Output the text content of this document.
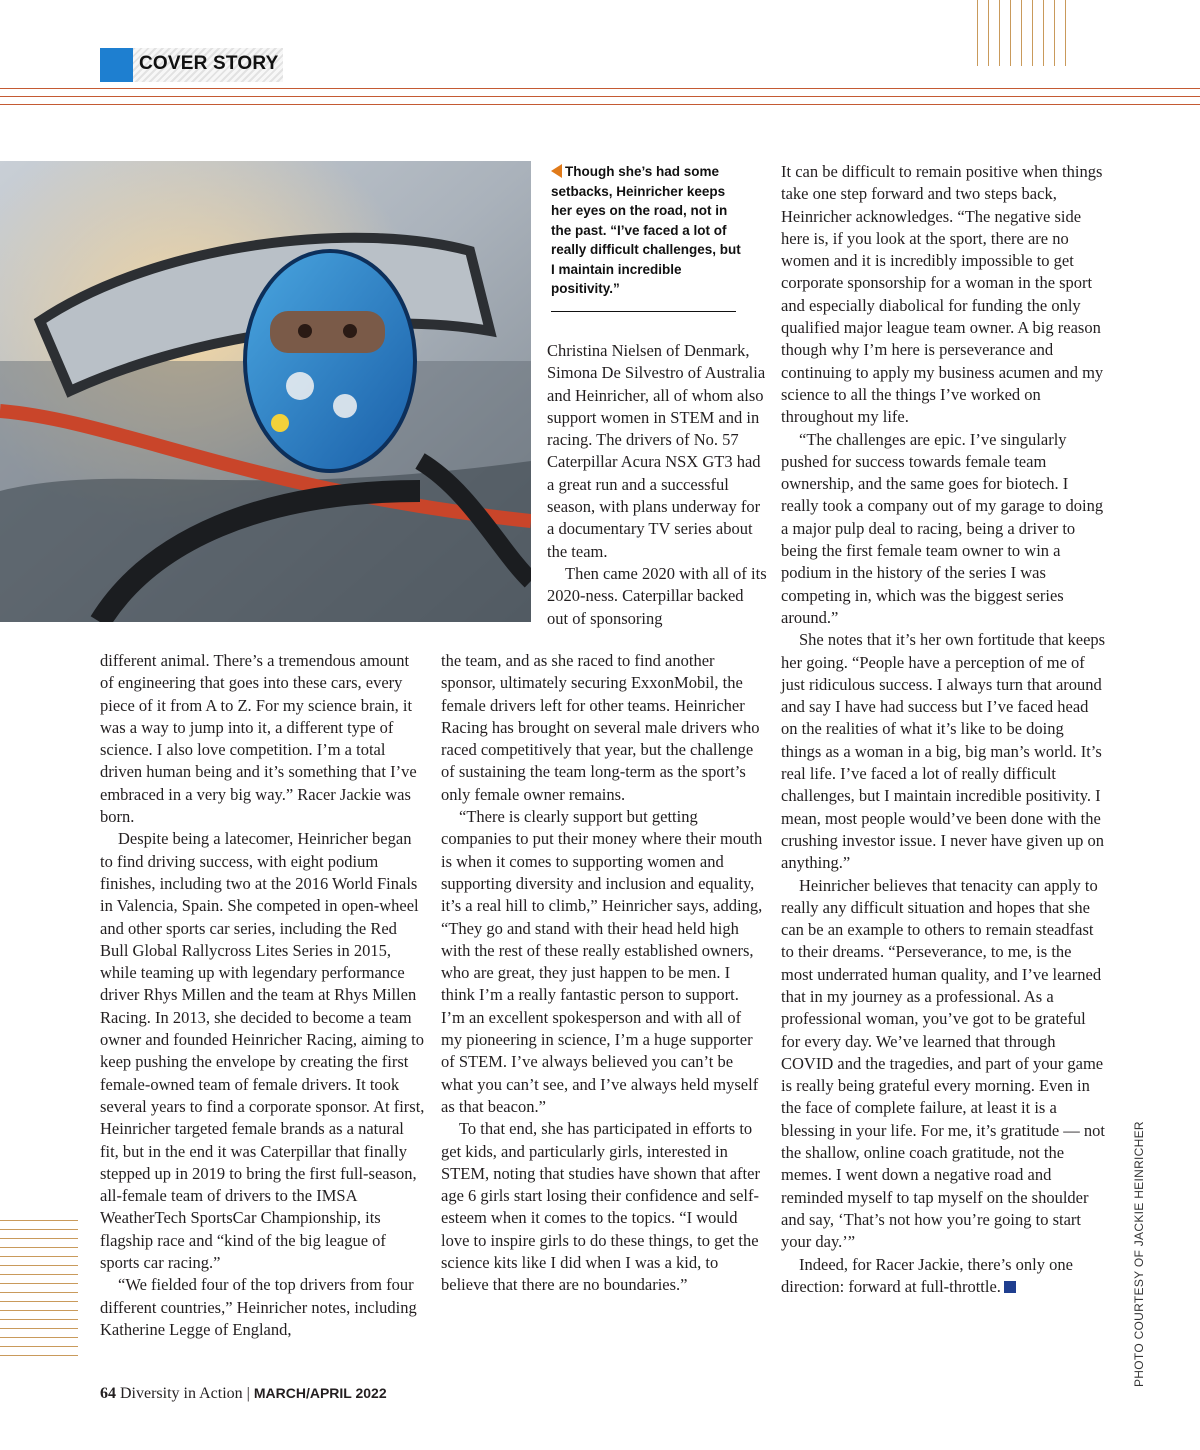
COVER STORY
Though she’s had some setbacks, Heinricher keeps her eyes on the road, not in the past. “I’ve faced a lot of really difficult challenges, but I maintain incredible positivity.”

Christina Nielsen of Denmark, Simona De Silvestro of Australia and Heinricher, all of whom also support women in STEM and in racing. The drivers of No. 57 Caterpillar Acura NSX GT3 had a great run and a successful season, with plans underway for a documentary TV series about the team.

Then came 2020 with all of its 2020-ness. Caterpillar backed out of sponsoring

different animal. There’s a tremendous amount of engineering that goes into these cars, every piece of it from A to Z. For my science brain, it was a way to jump into it, a different type of science. I also love competition. I’m a total driven human being and it’s something that I’ve embraced in a very big way.” Racer Jackie was born.

Despite being a latecomer, Heinricher began to find driving success, with eight podium finishes, including two at the 2016 World Finals in Valencia, Spain. She competed in open-wheel and other sports car series, including the Red Bull Global Rallycross Lites Series in 2015, while teaming up with legendary performance driver Rhys Millen and the team at Rhys Millen Racing. In 2013, she decided to become a team owner and founded Heinricher Racing, aiming to keep pushing the envelope by creating the first female-owned team of female drivers. It took several years to find a corporate sponsor. At first, Heinricher targeted female brands as a natural fit, but in the end it was Caterpillar that finally stepped up in 2019 to bring the first full-season, all-female team of drivers to the IMSA WeatherTech SportsCar Championship, its flagship race and “kind of the big league of sports car racing.”

“We fielded four of the top drivers from four different countries,” Heinricher notes, including Katherine Legge of England,

the team, and as she raced to find another sponsor, ultimately securing ExxonMobil, the female drivers left for other teams. Heinricher Racing has brought on several male drivers who raced competitively that year, but the challenge of sustaining the team long-term as the sport’s only female owner remains.

“There is clearly support but getting companies to put their money where their mouth is when it comes to supporting women and supporting diversity and inclusion and equality, it’s a real hill to climb,” Heinricher says, adding, “They go and stand with their head held high with the rest of these really established owners, who are great, they just happen to be men. I think I’m a really fantastic person to support. I’m an excellent spokesperson and with all of my pioneering in science, I’m a huge supporter of STEM. I’ve always believed you can’t be what you can’t see, and I’ve always held myself as that beacon.”

To that end, she has participated in efforts to get kids, and particularly girls, interested in STEM, noting that studies have shown that after age 6 girls start losing their confidence and self-esteem when it comes to the topics. “I would love to inspire girls to do these things, to get the science kits like I did when I was a kid, to believe that there are no boundaries.”

It can be difficult to remain positive when things take one step forward and two steps back, Heinricher acknowledges. “The negative side here is, if you look at the sport, there are no women and it is incredibly impossible to get corporate sponsorship for a woman in the sport and especially diabolical for funding the only qualified major league team owner. A big reason though why I’m here is perseverance and continuing to apply my business acumen and my science to all the things I’ve worked on throughout my life.

“The challenges are epic. I’ve singularly pushed for success towards female team ownership, and the same goes for biotech. I really took a company out of my garage to doing a major pulp deal to racing, being a driver to being the first female team owner to win a podium in the history of the series I was competing in, which was the biggest series around.”

She notes that it’s her own fortitude that keeps her going. “People have a perception of me of just ridiculous success. I always turn that around and say I have had success but I’ve faced head on the realities of what it’s like to be doing things as a woman in a big, big man’s world. It’s real life. I’ve faced a lot of really difficult challenges, but I maintain incredible positivity. I mean, most people would’ve been done with the crushing investor issue. I never have given up on anything.”

Heinricher believes that tenacity can apply to really any difficult situation and hopes that she can be an example to others to remain steadfast to their dreams. “Perseverance, to me, is the most underrated human quality, and I’ve learned that in my journey as a professional. As a professional woman, you’ve got to be grateful for every day. We’ve learned that through COVID and the tragedies, and part of your game is really being grateful every morning. Even in the face of complete failure, at least it is a blessing in your life. For me, it’s gratitude — not the shallow, online coach gratitude, not the memes. I went down a negative road and reminded myself to tap myself on the shoulder and say, ‘That’s not how you’re going to start your day.’”

Indeed, for Racer Jackie, there’s only one direction: forward at full-throttle.	PHOTO COURTESY OF JACKIE HEINRICHER
64 Diversity in Action | MARCH/APRIL 2022
